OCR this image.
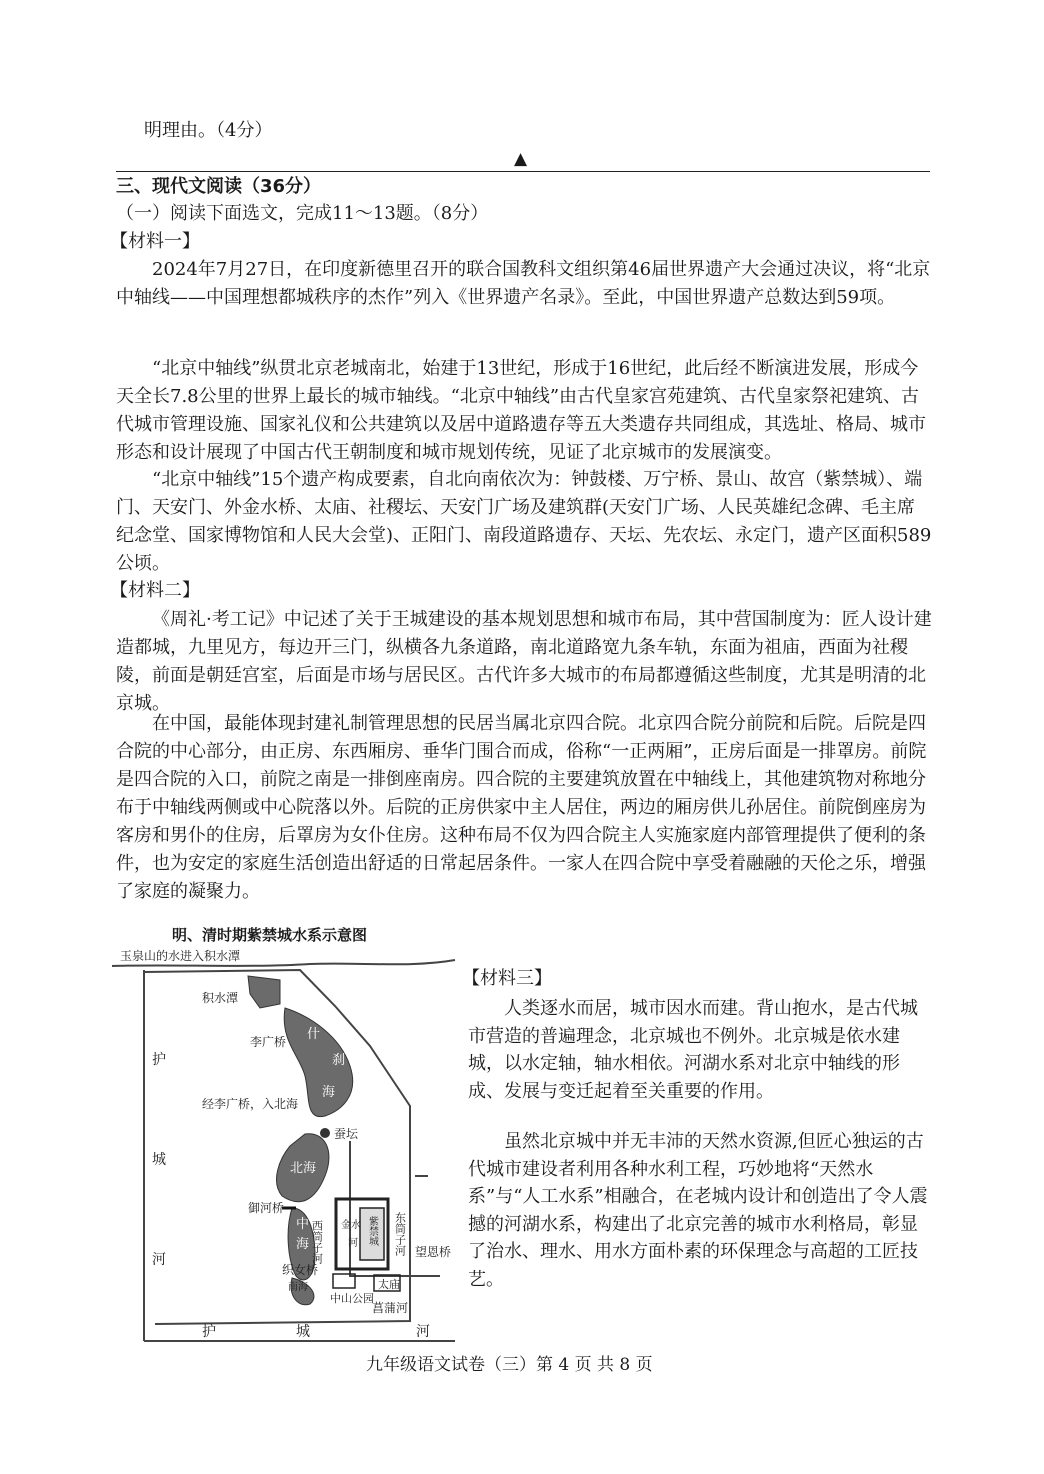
明理由。（4分）
▲
三、现代文阅读（36分）
（一）阅读下面选文，完成11～13题。（8分）
【材料一】
2024年7月27日，在印度新德里召开的联合国教科文组织第46届世界遗产大会通过决议，将“北京中轴线——中国理想都城秩序的杰作”列入《世界遗产名录》。至此，中国世界遗产总数达到59项。
“北京中轴线”纵贯北京老城南北，始建于13世纪，形成于16世纪，此后经不断演进发展，形成今天全长7.8公里的世界上最长的城市轴线。“北京中轴线”由古代皇家宫苑建筑、古代皇家祭祀建筑、古代城市管理设施、国家礼仪和公共建筑以及居中道路遗存等五大类遗存共同组成，其选址、格局、城市形态和设计展现了中国古代王朝制度和城市规划传统，见证了北京城市的发展演变。
“北京中轴线”15个遗产构成要素，自北向南依次为：钟鼓楼、万宁桥、景山、故宫（紫禁城）、端门、天安门、外金水桥、太庙、社稷坛、天安门广场及建筑群(天安门广场、人民英雄纪念碑、毛主席纪念堂、国家博物馆和人民大会堂)、正阳门、南段道路遗存、天坛、先农坛、永定门，遗产区面积589公顷。
【材料二】
《周礼·考工记》中记述了关于王城建设的基本规划思想和城市布局，其中营国制度为：匠人设计建造都城，九里见方，每边开三门，纵横各九条道路，南北道路宽九条车轨，东面为祖庙，西面为社稷陵，前面是朝廷宫室，后面是市场与居民区。古代许多大城市的布局都遵循这些制度，尤其是明清的北京城。
在中国，最能体现封建礼制管理思想的民居当属北京四合院。北京四合院分前院和后院。后院是四合院的中心部分，由正房、东西厢房、垂华门围合而成，俗称“一正两厢”，正房后面是一排罩房。前院是四合院的入口，前院之南是一排倒座南房。四合院的主要建筑放置在中轴线上，其他建筑物对称地分布于中轴线两侧或中心院落以外。后院的正房供家中主人居住，两边的厢房供儿孙居住。前院倒座房为客房和男仆的住房，后罩房为女仆住房。这种布局不仅为四合院主人实施家庭内部管理提供了便利的条件，也为安定的家庭生活创造出舒适的日常起居条件。一家人在四合院中享受着融融的天伦之乐，增强了家庭的凝聚力。
明、清时期紫禁城水系示意图
玉泉山的水进入积水潭
积水潭
李广桥 什
刹
海
经李广桥，入北海
蚕坛
北海
御河桥
中
海 西筒子河 金水
河 紫禁城 东筒子河 望恩桥
织女桥
南海
中山公园
太庙
菖蒲河
护
城
河
护	城	河
【材料三】
人类逐水而居，城市因水而建。背山抱水，是古代城市营造的普遍理念，北京城也不例外。北京城是依水建城，以水定轴，轴水相依。河湖水系对北京中轴线的形成、发展与变迁起着至关重要的作用。
虽然北京城中并无丰沛的天然水资源,但匠心独运的古代城市建设者利用各种水利工程，巧妙地将“天然水系”与“人工水系”相融合，在老城内设计和创造出了令人震撼的河湖水系，构建出了北京完善的城市水利格局，彰显了治水、理水、用水方面朴素的环保理念与高超的工匠技艺。
九年级语文试卷（三）第 4 页 共 8 页
